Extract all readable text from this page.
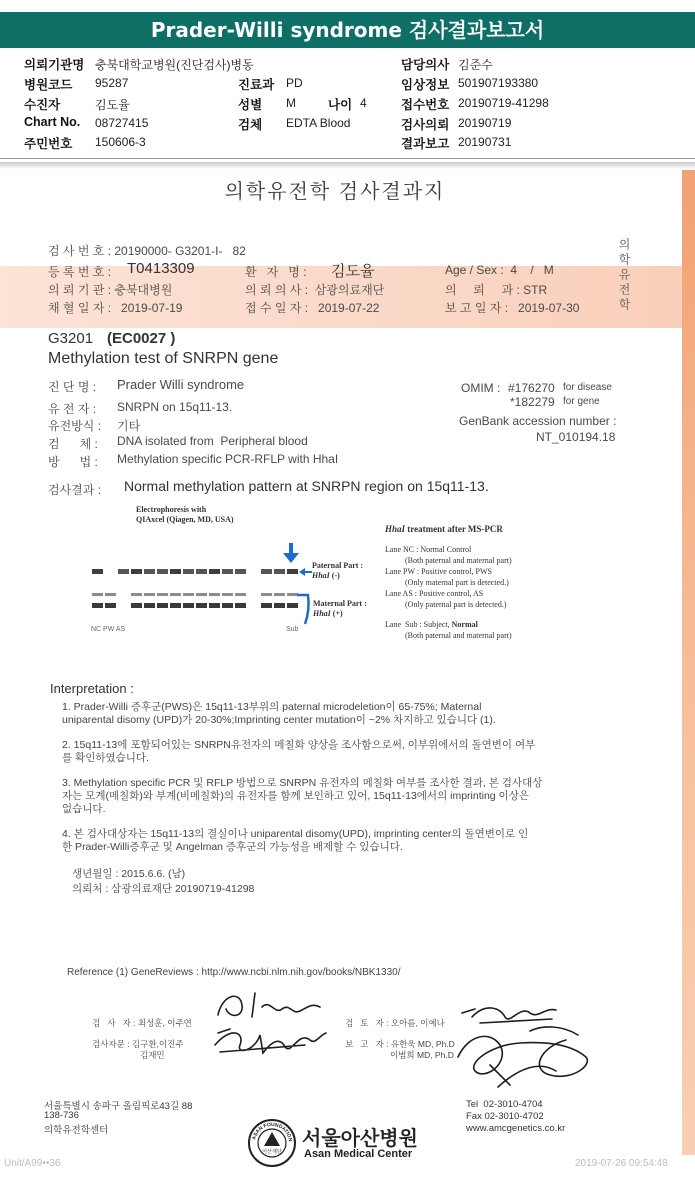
Prader-Willi syndrome 검사결과보고서
의뢰기관명 충북대학교병원(진단검사)병동	담당의사 김준수
병원코드 95287	진료과 PD	임상정보 501907193380
수진자	김도율	성별 M	나이 4	접수번호 20190719-41298
Chart No. 08727415	검체 EDTA Blood	검사의뢰 20190719
주민번호 150606-3	결과보고 20190731
의학유전학 검사결과지
의학유전학
검 사 번 호 : 20190000- G3201-I-   82
등 록 번 호 : T0413309	환   자   명 : 김도율	Age / Sex :  4    /   M
의 뢰 기 관 : 충북대병원	의 뢰 의 사 :  삼광의료재단	의     뢰     과 : STR
채 혈 일 자 :   2019-07-19	접 수 일 자 :   2019-07-22	보 고 일 자 :   2019-07-30
G3201 (EC0027 )
Methylation test of SNRPN gene
진 단 명 : Prader Willi syndrome
유 전 자 : SNRPN on 15q11-13.
유전방식 : 기타
검      체 : DNA isolated from  Peripheral blood
방      법 : Methylation specific PCR-RFLP with HhaI
OMIM : #176270 for disease
*182279 for gene
GenBank accession number :
NT_010194.18
검사결과 : Normal methylation pattern at SNRPN region on 15q11-13.
Electrophoresis with
QIAxcel (Qiagen, MD, USA)
NC PW AS	Sub
Paternal Part :
HhaI (-)
Maternal Part :
HhaI (+)
HhaI treatment after MS-PCR
Lane NC : Normal Control
(Both paternal and maternal part)
Lane PW : Positive control, PWS
(Only maternal part is detected.)
Lane AS : Positive control, AS
(Only paternal part is detected.)
Lane  Sub : Subject, Normal
(Both paternal and maternal part)
Interpretation :
1. Prader-Willi 증후군(PWS)은 15q11-13부위의 paternal microdeletion이 65-75%; Maternal
uniparental disomy (UPD)가 20-30%;Imprinting center mutation이 ~2% 차지하고 있습니다 (1).
2. 15q11-13에 포함되어있는 SNRPN유전자의 메칠화 양상을 조사함으로써, 이부위에서의 돌연변이 여부
를 확인하였습니다.
3. Methylation specific PCR 및 RFLP 방법으로 SNRPN 유전자의 메칠화 여부를 조사한 결과, 본 검사대상
자는 모계(메칠화)와 부계(비메칠화)의 유전자를 함께 보인하고 있어, 15q11-13에서의 imprinting 이상은
없습니다.
4. 본 검사대상자는 15q11-13의 결실이나 uniparental disomy(UPD), imprinting center의 돌연변이로 인
한 Prader-Willi증후군 및 Angelman 증후군의 가능성을 배제할 수 있습니다.
생년월일 : 2015.6.6. (남)
의뢰처 : 삼광의료재단 20190719-41298
Reference (1) GeneReviews : http://www.ncbi.nlm.nih.gov/books/NBK1330/
검   사   자 : 최성훈, 이주연
검사자문 : 김구환,이진주
김재민
검   토   자 : 오아름, 이예나
보   고   자 : 유한욱 MD, Ph.D
이범희 MD, Ph.D
서울특별시 송파구 올림픽로43길 88
138-736
의학유전학센터
ASAN FOUNDATION
아산재단
서울아산병원
Asan Medical Center
Tel  02-3010-4704
Fax 02-3010-4702
www.amcgenetics.co.kr
Unit/A99••36	2019-07-26 09:54:48
